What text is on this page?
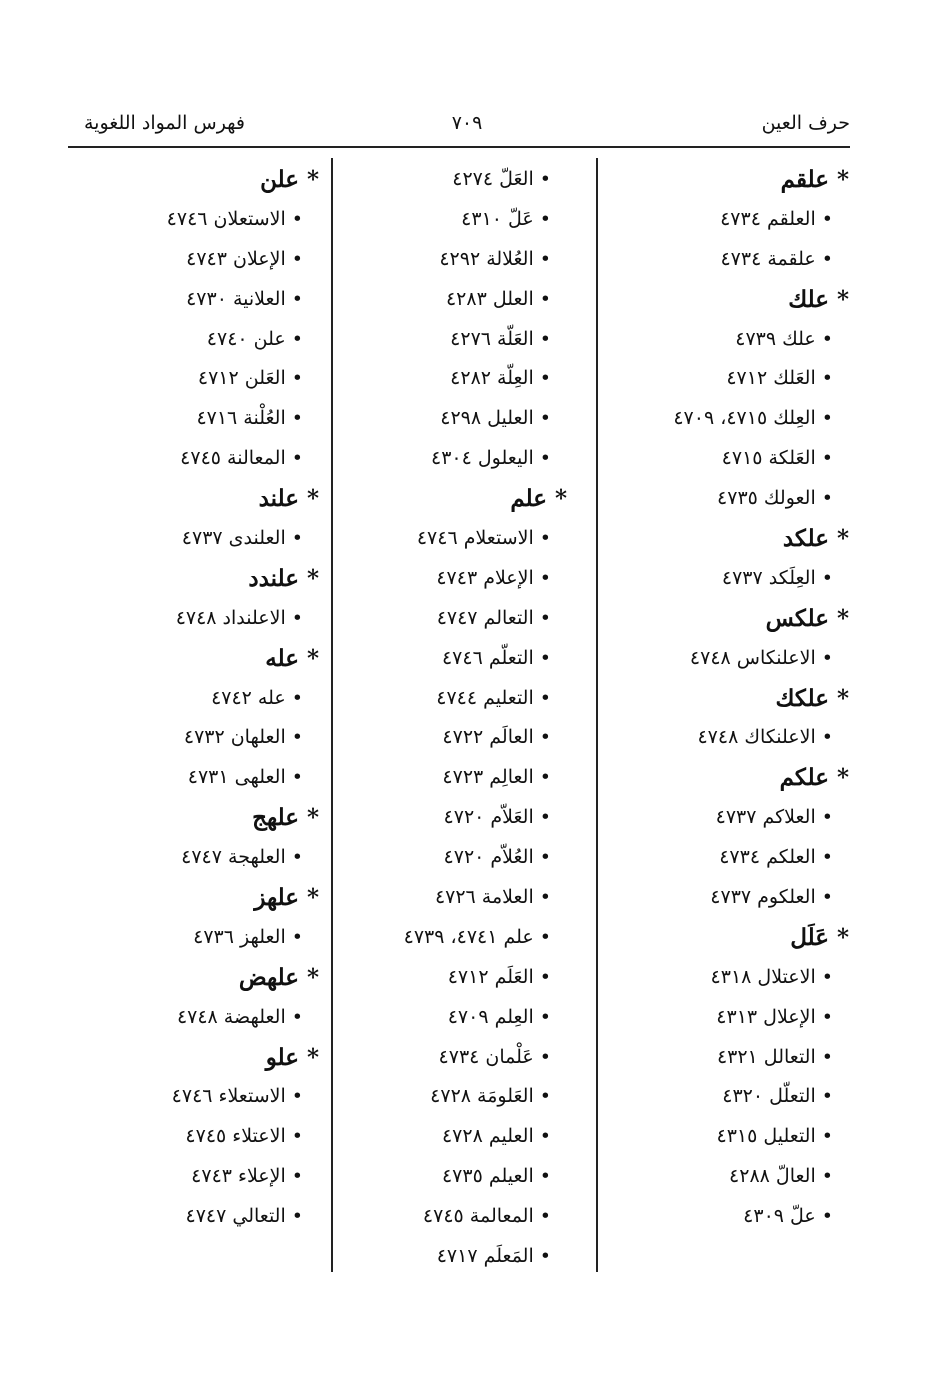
حرف العين
٧٠٩
فهرس المواد اللغوية
* علقم
• العلقم ٤٧٣٤
• علقمة ٤٧٣٤
* علك
• علك ٤٧٣٩
• العَلك ٤٧١٢
• العِلك ٤٧١٥، ٤٧٠٩
• العَلكة ٤٧١٥
• العولك ٤٧٣٥
* علكد
• العِلَكد ٤٧٣٧
* علكس
• الاعلنكاس ٤٧٤٨
* علكك
• الاعلنكاك ٤٧٤٨
* علكم
• العلاكم ٤٧٣٧
• العلكم ٤٧٣٤
• العلكوم ٤٧٣٧
* عَلَل
• الاعتلال ٤٣١٨
• الإعلال ٤٣١٣
• التعالل ٤٣٢١
• التعلّل ٤٣٢٠
• التعليل ٤٣١٥
• العالّ ٤٢٨٨
• علّ ٤٣٠٩
• العَلّ ٤٢٧٤
• عَلّ ٤٣١٠
• العُلالة ٤٢٩٢
• العلل ٤٢٨٣
• العَلّة ٤٢٧٦
• العِلّة ٤٢٨٢
• العليل ٤٢٩٨
• اليعلول ٤٣٠٤
* علم
• الاستعلام ٤٧٤٦
• الإعلام ٤٧٤٣
• التعالم ٤٧٤٧
• التعلّم ٤٧٤٦
• التعليم ٤٧٤٤
• العالَم ٤٧٢٢
• العالِم ٤٧٢٣
• العَلاّم ٤٧٢٠
• العُلاّم ٤٧٢٠
• العلامة ٤٧٢٦
• علم ٤٧٤١، ٤٧٣٩
• العَلَم ٤٧١٢
• العِلم ٤٧٠٩
• عَلْمان ٤٧٣٤
• العَلومَة ٤٧٢٨
• العليم ٤٧٢٨
• العيلم ٤٧٣٥
• المعالمة ٤٧٤٥
• المَعلَم ٤٧١٧
* علن
• الاستعلان ٤٧٤٦
• الإعلان ٤٧٤٣
• العلانية ٤٧٣٠
• علن ٤٧٤٠
• العَلن ٤٧١٢
• العُلْنة ٤٧١٦
• المعالنة ٤٧٤٥
* علند
• العلندى ٤٧٣٧
* علندد
• الاعلنداد ٤٧٤٨
* عله
• عله ٤٧٤٢
• العلهان ٤٧٣٢
• العلهى ٤٧٣١
* علهج
• العلهجة ٤٧٤٧
* علهز
• العلهز ٤٧٣٦
* علهض
• العلهضة ٤٧٤٨
* علو
• الاستعلاء ٤٧٤٦
• الاعتلاء ٤٧٤٥
• الإعلاء ٤٧٤٣
• التعالي ٤٧٤٧
